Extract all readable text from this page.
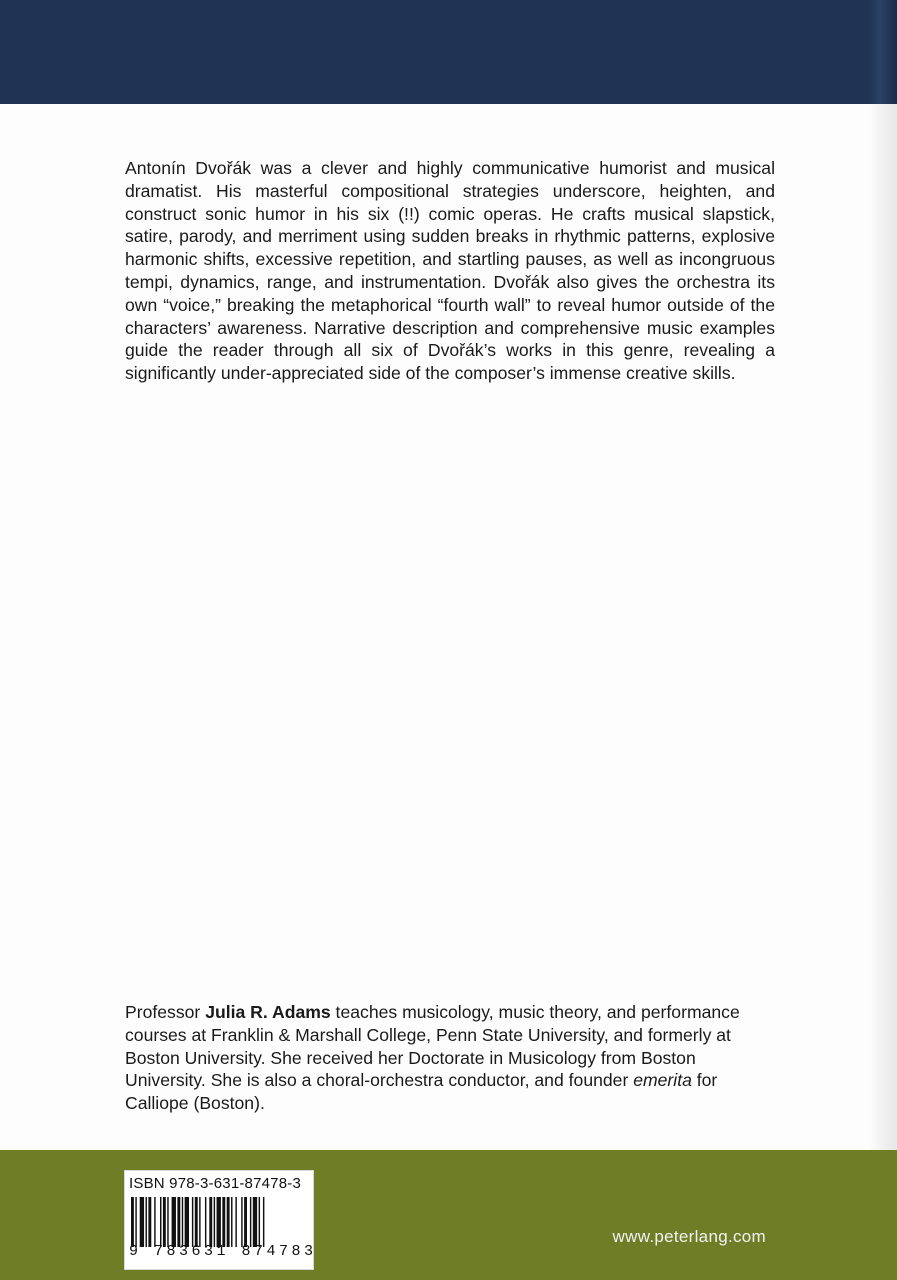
Antonín Dvořák was a clever and highly communicative humorist and musical dramatist. His masterful compositional strategies underscore, heighten, and construct sonic humor in his six (!!) comic operas. He crafts musical slapstick, satire, parody, and merriment using sudden breaks in rhythmic patterns, explosive harmonic shifts, excessive repetition, and startling pauses, as well as incongruous tempi, dynamics, range, and instrumentation. Dvořák also gives the orchestra its own “voice,” breaking the metaphorical “fourth wall” to reveal humor outside of the characters’ awareness. Narrative description and comprehensive music examples guide the reader through all six of Dvořák’s works in this genre, revealing a significantly under-appreciated side of the composer’s immense creative skills.

Professor Julia R. Adams teaches musicology, music theory, and performance courses at Franklin & Marshall College, Penn State University, and formerly at Boston University. She received her Doctorate in Musicology from Boston University. She is also a choral-orchestra conductor, and founder emerita for Calliope (Boston).

ISBN 978-3-631-87478-3
9 783631 874783
www.peterlang.com
